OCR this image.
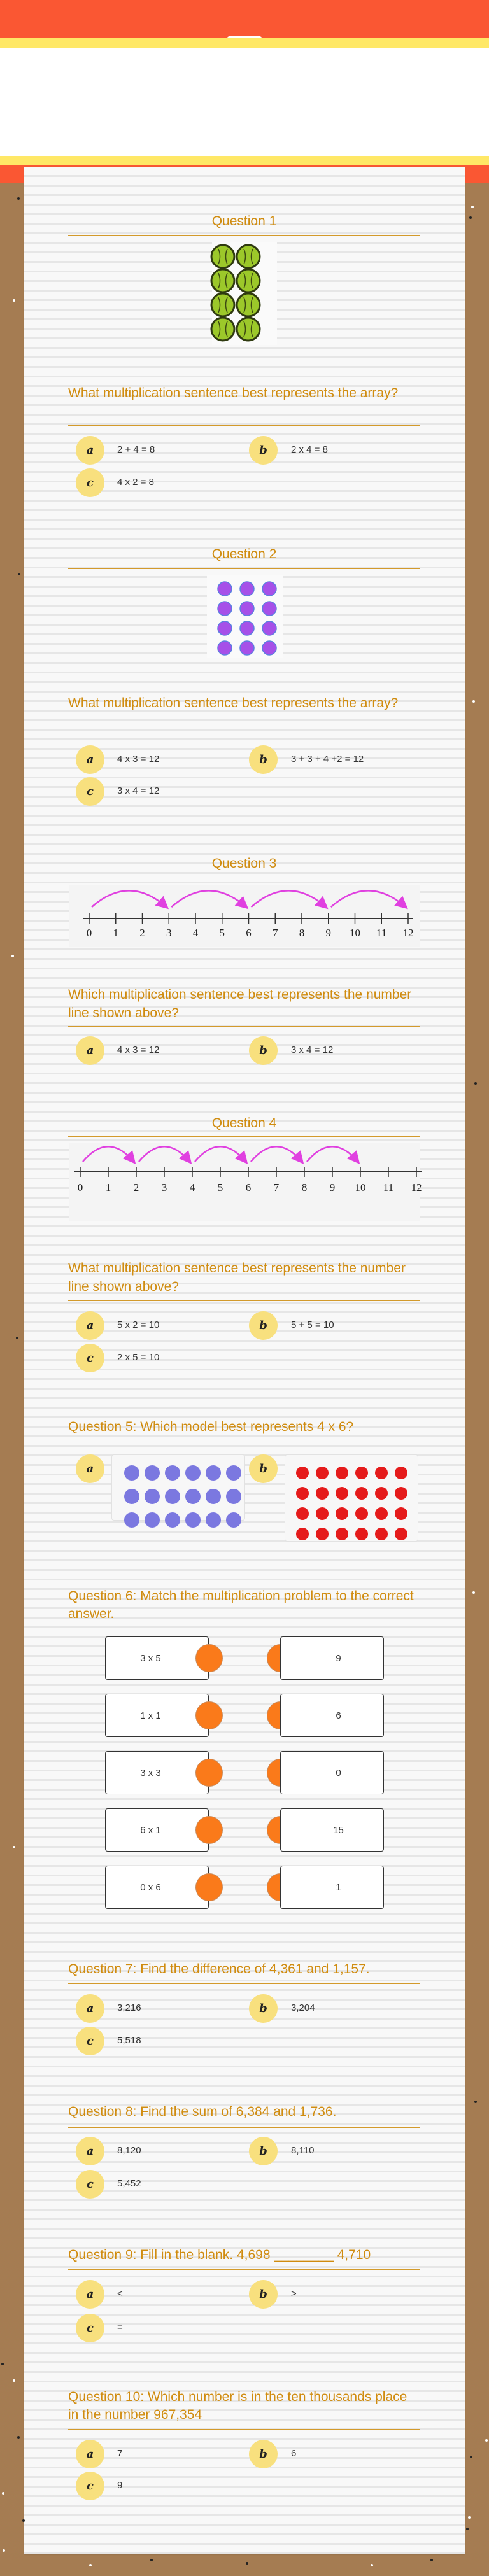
Question 1
What multiplication sentence best represents the array?
a	2 + 4 = 8	b	2 x 4 = 8
c	4 x 2 = 8
Question 2
What multiplication sentence best represents the array?
a	4 x 3 = 12	b	3 + 3 + 4 +2 = 12
c	3 x 4 = 12
Question 3
Which multiplication sentence best represents the number line shown above?
a	4 x 3 = 12	b	3 x 4 = 12
0 1 2 3 4 5 6 7 8 9 10 11 12
Question 4
What multiplication sentence best represents the number line shown above?
a	5 x 2 = 10	b	5 + 5 = 10
c	2 x 5 = 10
0 1 2 3 4 5 6 7 8 9 10 11 12
Question 5: Which model best represents 4 x 6?
a	b
Question 6: Match the multiplication problem to the correct answer.
3 x 5	9
1 x 1	6
3 x 3	0
6 x 1	15
0 x 6	1
Question 7: Find the difference of 4,361 and 1,157.
a	3,216	b	3,204
c	5,518
Question 8: Find the sum of 6,384 and 1,736.
a	8,120	b	8,110
c	5,452
Question 9: Fill in the blank. 4,698 ________ 4,710
a	<	b	>
c	=
Question 10: Which number is in the ten thousands place in the number 967,354
a	7	b	6
c	9
